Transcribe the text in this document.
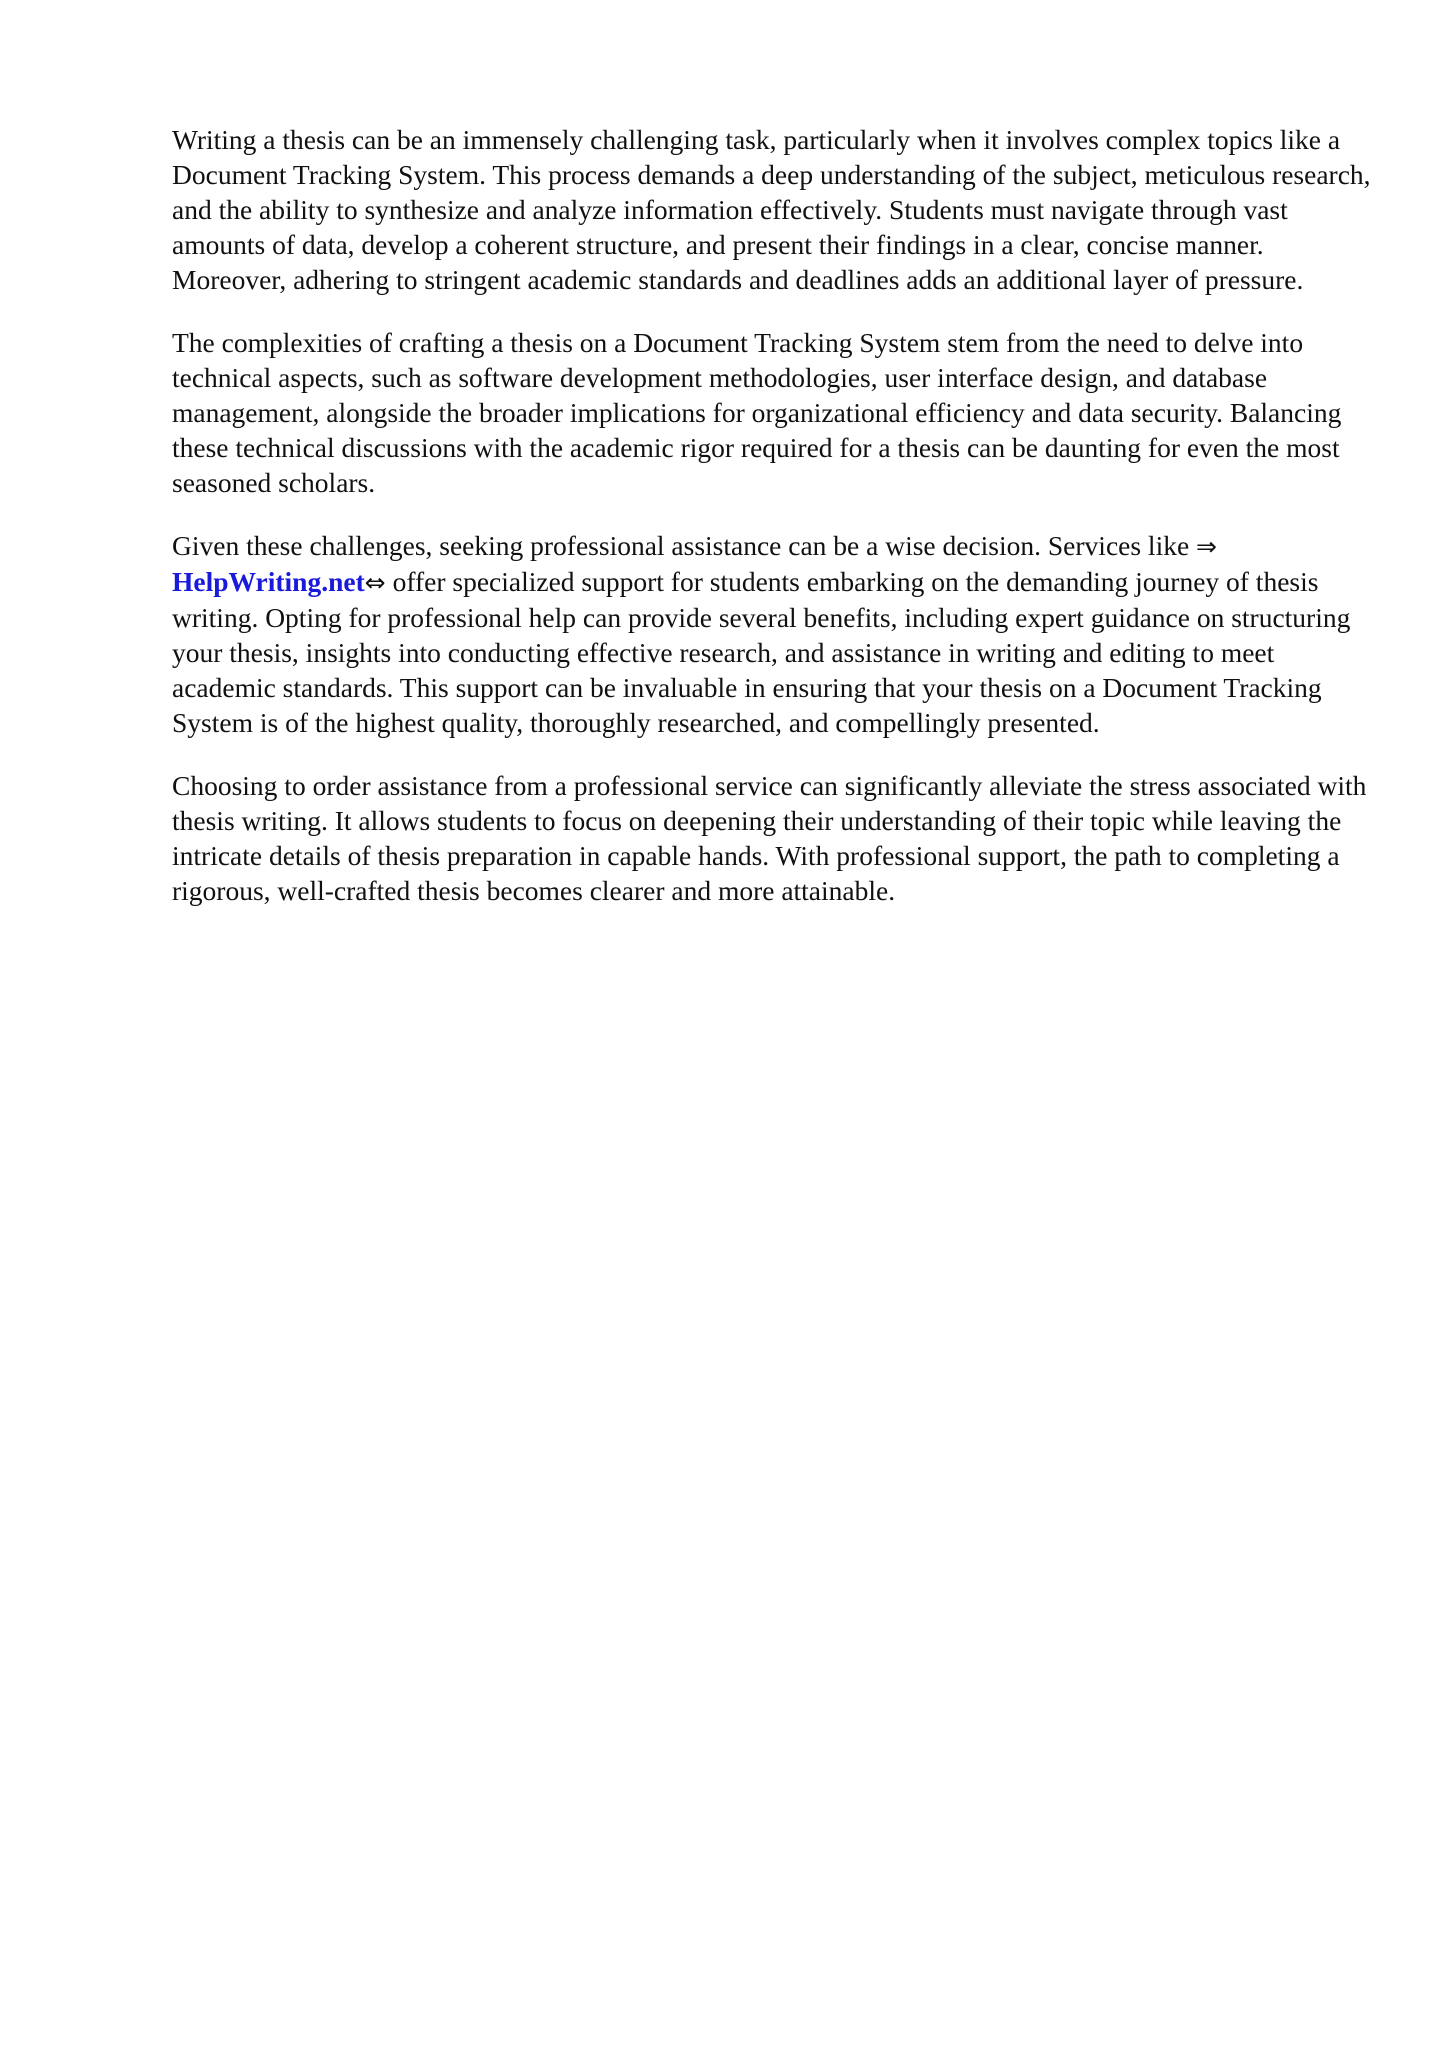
Writing a thesis can be an immensely challenging task, particularly when it involves complex topics like a Document Tracking System. This process demands a deep understanding of the subject, meticulous research, and the ability to synthesize and analyze information effectively. Students must navigate through vast amounts of data, develop a coherent structure, and present their findings in a clear, concise manner. Moreover, adhering to stringent academic standards and deadlines adds an additional layer of pressure.

The complexities of crafting a thesis on a Document Tracking System stem from the need to delve into technical aspects, such as software development methodologies, user interface design, and database management, alongside the broader implications for organizational efficiency and data security. Balancing these technical discussions with the academic rigor required for a thesis can be daunting for even the most seasoned scholars.

Given these challenges, seeking professional assistance can be a wise decision. Services like ⇒ HelpWriting.net⇔ offer specialized support for students embarking on the demanding journey of thesis writing. Opting for professional help can provide several benefits, including expert guidance on structuring your thesis, insights into conducting effective research, and assistance in writing and editing to meet academic standards. This support can be invaluable in ensuring that your thesis on a Document Tracking System is of the highest quality, thoroughly researched, and compellingly presented.

Choosing to order assistance from a professional service can significantly alleviate the stress associated with thesis writing. It allows students to focus on deepening their understanding of their topic while leaving the intricate details of thesis preparation in capable hands. With professional support, the path to completing a rigorous, well-crafted thesis becomes clearer and more attainable.
